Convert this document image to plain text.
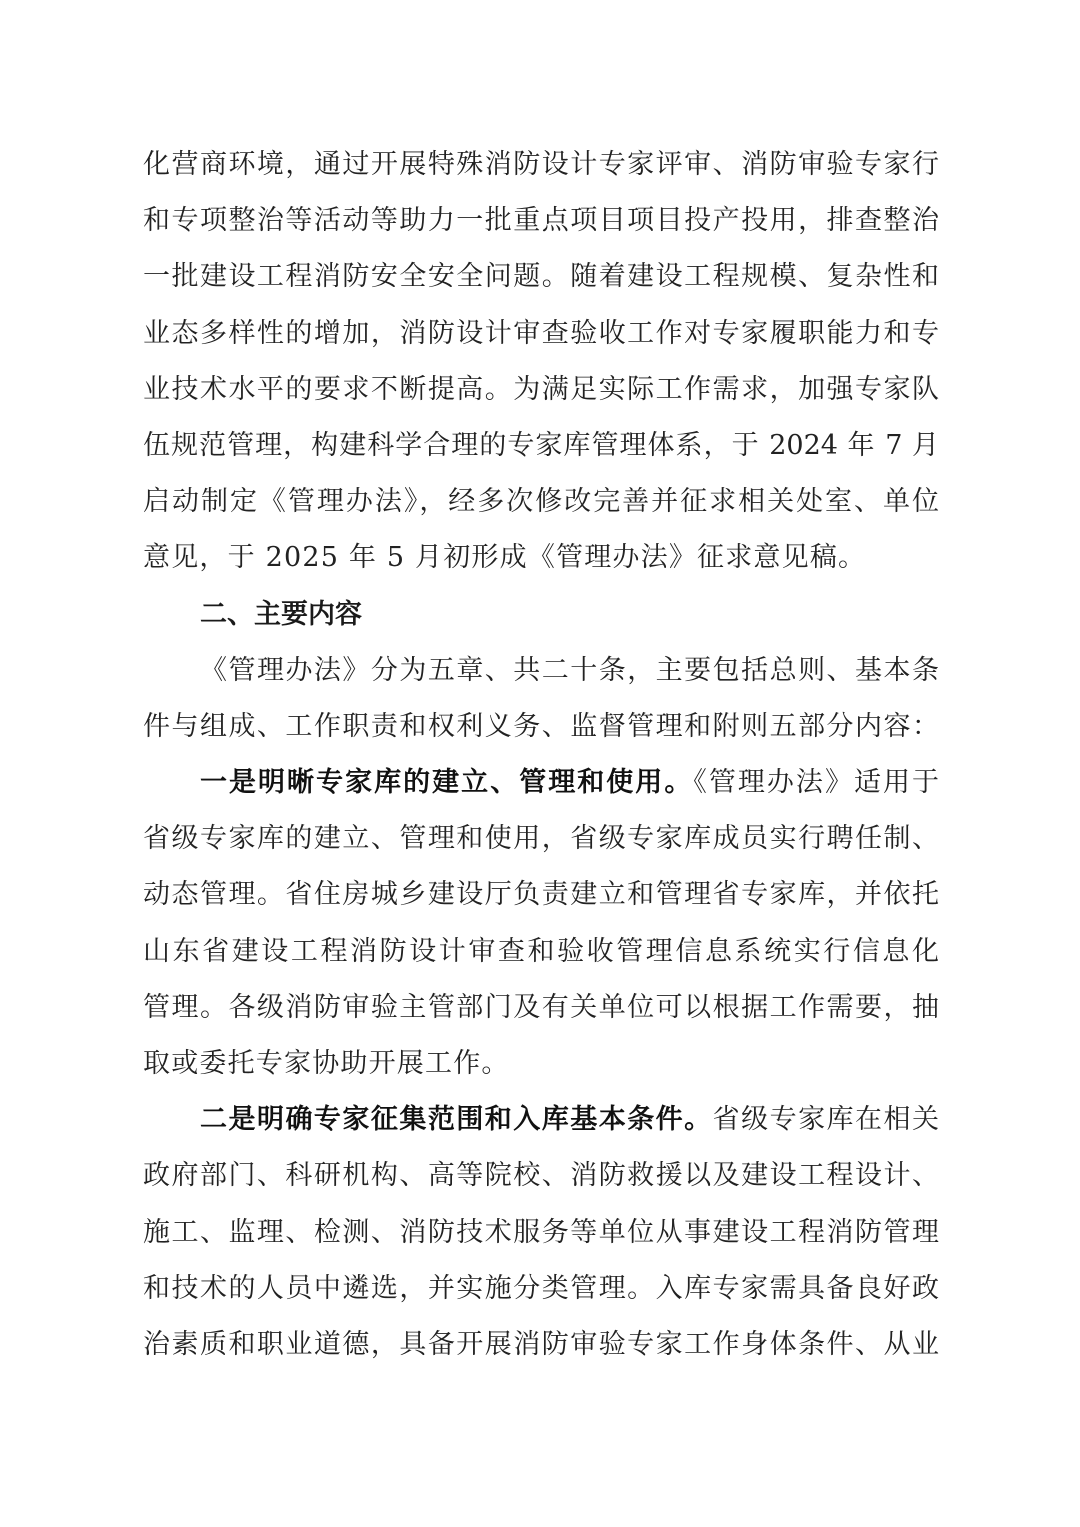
化营商环境，通过开展特殊消防设计专家评审、消防审验专家行
和专项整治等活动等助力一批重点项目项目投产投用，排查整治
一批建设工程消防安全安全问题。随着建设工程规模、复杂性和
业态多样性的增加，消防设计审查验收工作对专家履职能力和专
业技术水平的要求不断提高。为满足实际工作需求，加强专家队
伍规范管理，构建科学合理的专家库管理体系，于 2024 年 7 月
启动制定《管理办法》，经多次修改完善并征求相关处室、单位
意见，于 2025 年 5 月初形成《管理办法》征求意见稿。
二、主要内容
《管理办法》分为五章、共二十条，主要包括总则、基本条
件与组成、工作职责和权利义务、监督管理和附则五部分内容：
一是明晰专家库的建立、管理和使用。《管理办法》适用于
省级专家库的建立、管理和使用，省级专家库成员实行聘任制、
动态管理。省住房城乡建设厅负责建立和管理省专家库，并依托
山东省建设工程消防设计审查和验收管理信息系统实行信息化
管理。各级消防审验主管部门及有关单位可以根据工作需要，抽
取或委托专家协助开展工作。
二是明确专家征集范围和入库基本条件。省级专家库在相关
政府部门、科研机构、高等院校、消防救援以及建设工程设计、
施工、监理、检测、消防技术服务等单位从事建设工程消防管理
和技术的人员中遴选，并实施分类管理。入库专家需具备良好政
治素质和职业道德，具备开展消防审验专家工作身体条件、从业
